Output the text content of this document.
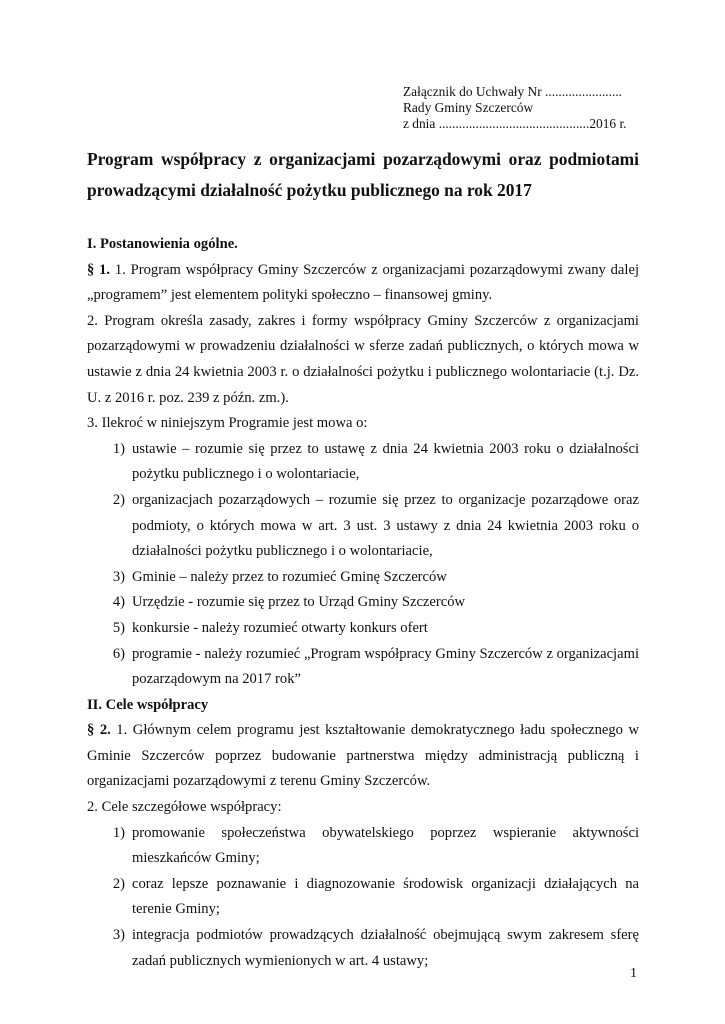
Załącznik do Uchwały Nr .......................
Rady Gminy Szczerców
z dnia .............................................2016 r.
Program współpracy z organizacjami pozarządowymi oraz podmiotami prowadzącymi działalność pożytku publicznego na rok 2017

I. Postanowienia ogólne.

§ 1. 1. Program współpracy Gminy Szczerców z organizacjami pozarządowymi zwany dalej „programem” jest elementem polityki społeczno – finansowej gminy.

2. Program określa zasady, zakres i formy współpracy Gminy Szczerców z organizacjami pozarządowymi w prowadzeniu działalności w sferze zadań publicznych, o których mowa w ustawie z dnia 24 kwietnia 2003 r. o działalności pożytku i publicznego wolontariacie (t.j. Dz. U. z 2016 r. poz. 239 z późn. zm.).

3. Ilekroć w niniejszym Programie jest mowa o:

1) ustawie – rozumie się przez to ustawę z dnia 24 kwietnia 2003 roku o działalności pożytku publicznego i o wolontariacie,
2) organizacjach pozarządowych – rozumie się przez to organizacje pozarządowe oraz podmioty, o których mowa w art. 3 ust. 3 ustawy z dnia 24 kwietnia 2003 roku o działalności pożytku publicznego i o wolontariacie,
3) Gminie – należy przez to rozumieć Gminę Szczerców
4) Urzędzie - rozumie się przez to Urząd Gminy Szczerców
5) konkursie - należy rozumieć otwarty konkurs ofert
6) programie - należy rozumieć „Program współpracy Gminy Szczerców z organizacjami pozarządowym na 2017 rok”

II. Cele współpracy

§ 2. 1. Głównym celem programu jest kształtowanie demokratycznego ładu społecznego w Gminie Szczerców poprzez budowanie partnerstwa między administracją publiczną i organizacjami pozarządowymi z terenu Gminy Szczerców.

2. Cele szczegółowe współpracy:

1) promowanie społeczeństwa obywatelskiego poprzez wspieranie aktywności mieszkańców Gminy;
2) coraz lepsze poznawanie i diagnozowanie środowisk organizacji działających na terenie Gminy;
3) integracja podmiotów prowadzących działalność obejmującą swym zakresem sferę zadań publicznych wymienionych w art. 4 ustawy;
1
